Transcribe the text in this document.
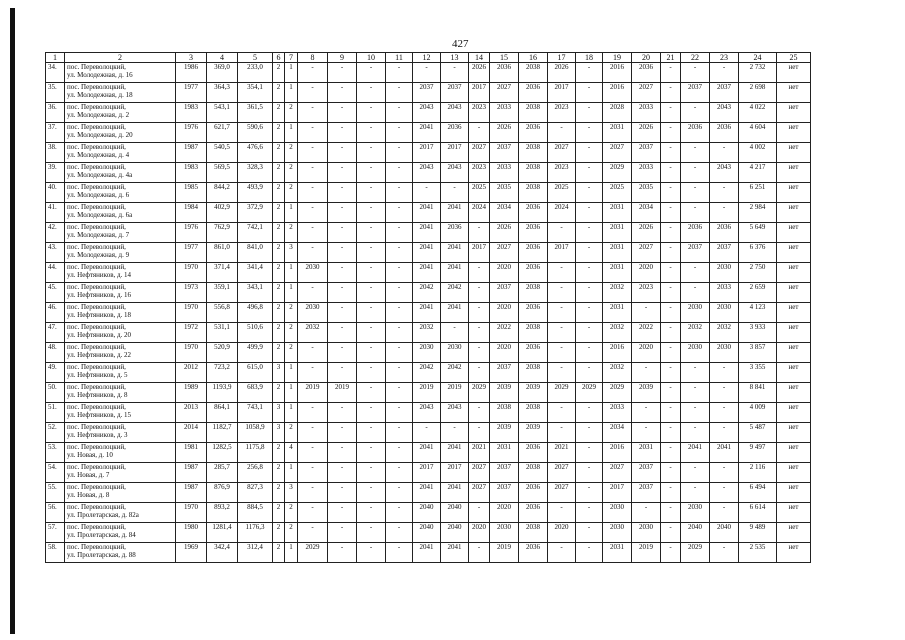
427
1	2	3	4	5	6	7	8	9	10	11	12	13	14	15	16	17	18	19	20	21	22	23	24	25
34.	пос. Переволоцкий,
ул. Молодежная, д. 16	1986	369,0	233,0	2	1	-	-	-	-	-	-	2026	2036	2038	2026	-	2016	2036	-	-	-	2 732	нет
35.	пос. Переволоцкий,
ул. Молодежная, д. 18	1977	364,3	354,1	2	1	-	-	-	-	2037	2037	2017	2027	2036	2017	-	2016	2027	-	2037	2037	2 698	нет
36.	пос. Переволоцкий,
ул. Молодежная, д. 2	1983	543,1	361,5	2	2	-	-	-	-	2043	2043	2023	2033	2038	2023	-	2028	2033	-	-	2043	4 022	нет
37.	пос. Переволоцкий,
ул. Молодежная, д. 20	1976	621,7	590,6	2	1	-	-	-	-	2041	2036	-	2026	2036	-	-	2031	2026	-	2036	2036	4 604	нет
38.	пос. Переволоцкий,
ул. Молодежная, д. 4	1987	540,5	476,6	2	2	-	-	-	-	2017	2017	2027	2037	2038	2027	-	2027	2037	-	-	-	4 002	нет
39.	пос. Переволоцкий,
ул. Молодежная, д. 4а	1983	569,5	328,3	2	2	-	-	-	-	2043	2043	2023	2033	2038	2023	-	2029	2033	-	-	2043	4 217	нет
40.	пос. Переволоцкий,
ул. Молодежная, д. 6	1985	844,2	493,9	2	2	-	-	-	-	-	-	2025	2035	2038	2025	-	2025	2035	-	-	-	6 251	нет
41.	пос. Переволоцкий,
ул. Молодежная, д. 6а	1984	402,9	372,9	2	1	-	-	-	-	2041	2041	2024	2034	2036	2024	-	2031	2034	-	-	-	2 984	нет
42.	пос. Переволоцкий,
ул. Молодежная, д. 7	1976	762,9	742,1	2	2	-	-	-	-	2041	2036	-	2026	2036	-	-	2031	2026	-	2036	2036	5 649	нет
43.	пос. Переволоцкий,
ул. Молодежная, д. 9	1977	861,0	841,0	2	3	-	-	-	-	2041	2041	2017	2027	2036	2017	-	2031	2027	-	2037	2037	6 376	нет
44.	пос. Переволоцкий,
ул. Нефтяников, д. 14	1970	371,4	341,4	2	1	2030	-	-	-	2041	2041	-	2020	2036	-	-	2031	2020	-	-	2030	2 750	нет
45.	пос. Переволоцкий,
ул. Нефтяников, д. 16	1973	359,1	343,1	2	1	-	-	-	-	2042	2042	-	2037	2038	-	-	2032	2023	-	-	2033	2 659	нет
46.	пос. Переволоцкий,
ул. Нефтяников, д. 18	1970	556,8	496,8	2	2	2030	-	-	-	2041	2041	-	2020	2036	-	-	2031	-	-	2030	2030	4 123	нет
47.	пос. Переволоцкий,
ул. Нефтяников, д. 20	1972	531,1	510,6	2	2	2032	-	-	-	2032	-	-	2022	2038	-	-	2032	2022	-	2032	2032	3 933	нет
48.	пос. Переволоцкий,
ул. Нефтяников, д. 22	1970	520,9	499,9	2	2	-	-	-	-	2030	2030	-	2020	2036	-	-	2016	2020	-	2030	2030	3 857	нет
49.	пос. Переволоцкий,
ул. Нефтяников, д. 5	2012	723,2	615,0	3	1	-	-	-	-	2042	2042	-	2037	2038	-	-	2032	-	-	-	-	3 355	нет
50.	пос. Переволоцкий,
ул. Нефтяников, д. 8	1989	1193,9	683,9	2	1	2019	2019	-	-	2019	2019	2029	2039	2039	2029	2029	2029	2039	-	-	-	8 841	нет
51.	пос. Переволоцкий,
ул. Нефтяников, д. 15	2013	864,1	743,1	3	1	-	-	-	-	2043	2043	-	2038	2038	-	-	2033	-	-	-	-	4 009	нет
52.	пос. Переволоцкий,
ул. Нефтяников, д. 3	2014	1182,7	1058,9	3	2	-	-	-	-	-	-	-	2039	2039	-	-	2034	-	-	-	-	5 487	нет
53.	пос. Переволоцкий,
ул. Новая, д. 10	1981	1282,5	1175,8	2	4	-	-	-	-	2041	2041	2021	2031	2036	2021	-	2016	2031	-	2041	2041	9 497	нет
54.	пос. Переволоцкий,
ул. Новая, д. 7	1987	285,7	256,8	2	1	-	-	-	-	2017	2017	2027	2037	2038	2027	-	2027	2037	-	-	-	2 116	нет
55.	пос. Переволоцкий,
ул. Новая, д. 8	1987	876,9	827,3	2	3	-	-	-	-	2041	2041	2027	2037	2036	2027	-	2017	2037	-	-	-	6 494	нет
56.	пос. Переволоцкий,
ул. Пролетарская, д. 82а	1970	893,2	884,5	2	2	-	-	-	-	2040	2040	-	2020	2036	-	-	2030	-	-	2030	-	6 614	нет
57.	пос. Переволоцкий,
ул. Пролетарская, д. 84	1980	1281,4	1176,3	2	2	-	-	-	-	2040	2040	2020	2030	2038	2020	-	2030	2030	-	2040	2040	9 489	нет
58.	пос. Переволоцкий,
ул. Пролетарская, д. 88	1969	342,4	312,4	2	1	2029	-	-	-	2041	2041	-	2019	2036	-	-	2031	2019	-	2029	-	2 535	нет
